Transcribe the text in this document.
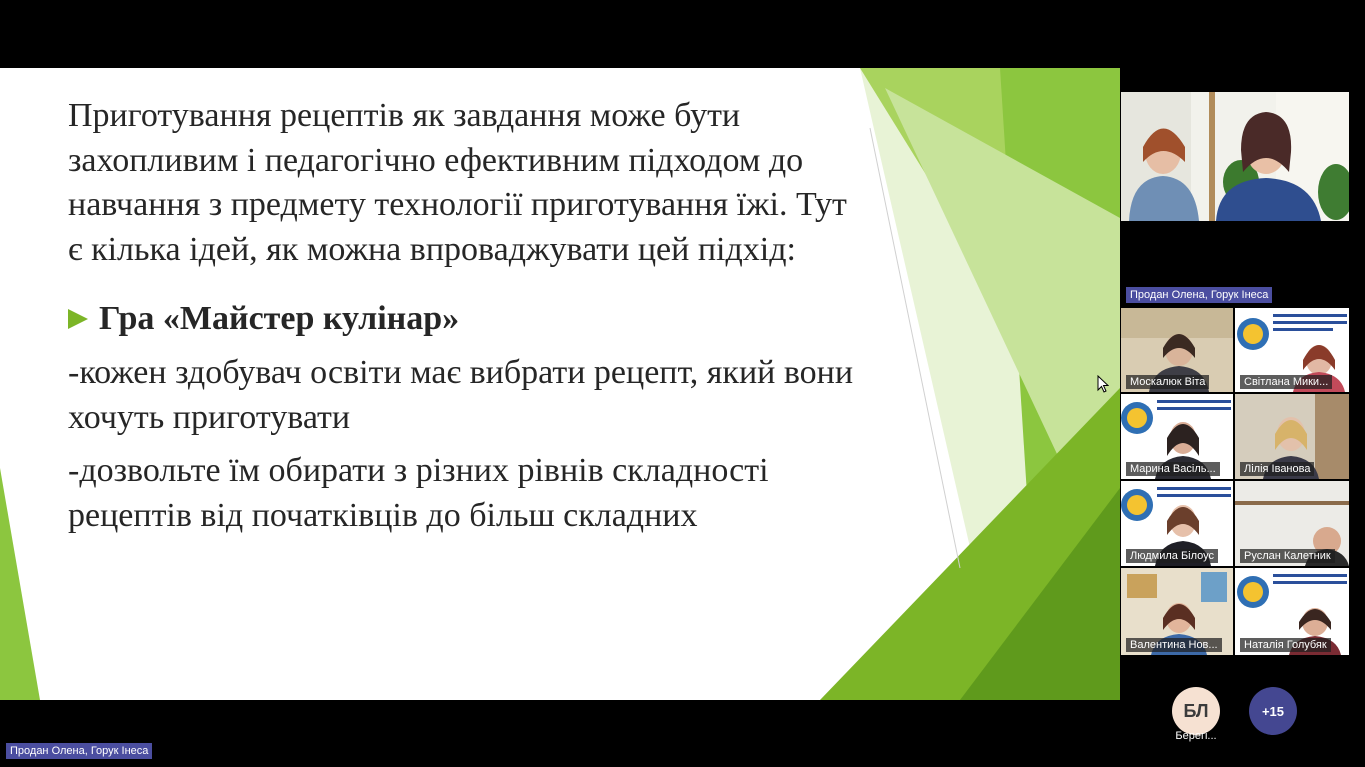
Приготування рецептів як завдання може бути захопливим і педагогічно ефективним підходом до навчання з предмету технології приготування їжі. Тут є кілька ідей, як можна впроваджувати цей підхід:

Гра «Майстер кулінар»

-кожен здобувач освіти має вибрати рецепт, який вони хочуть приготувати

-дозвольте їм обирати з різних рівнів складності рецептів від початківців до більш складних

Продан Олена, Горук Інеса
Москалюк Віта	Світлана Мики...
Марина Васіль...	Лілія Іванова
Людмила Білоус	Руслан Калетник
Валентина Нов...	Наталія Голубяк
БЛ
Берегі...
+15
Продан Олена, Горук Інеса
